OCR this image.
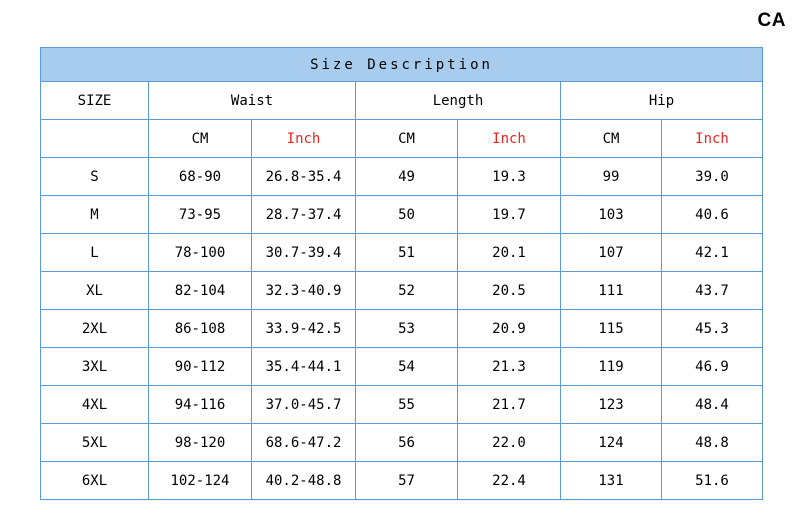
CA
Size Description						
SIZE	Waist		Length		Hip	
	CM	Inch	CM	Inch	CM	Inch
S	68-90	26.8-35.4	49	19.3	99	39.0
M	73-95	28.7-37.4	50	19.7	103	40.6
L	78-100	30.7-39.4	51	20.1	107	42.1
XL	82-104	32.3-40.9	52	20.5	111	43.7
2XL	86-108	33.9-42.5	53	20.9	115	45.3
3XL	90-112	35.4-44.1	54	21.3	119	46.9
4XL	94-116	37.0-45.7	55	21.7	123	48.4
5XL	98-120	68.6-47.2	56	22.0	124	48.8
6XL	102-124	40.2-48.8	57	22.4	131	51.6
